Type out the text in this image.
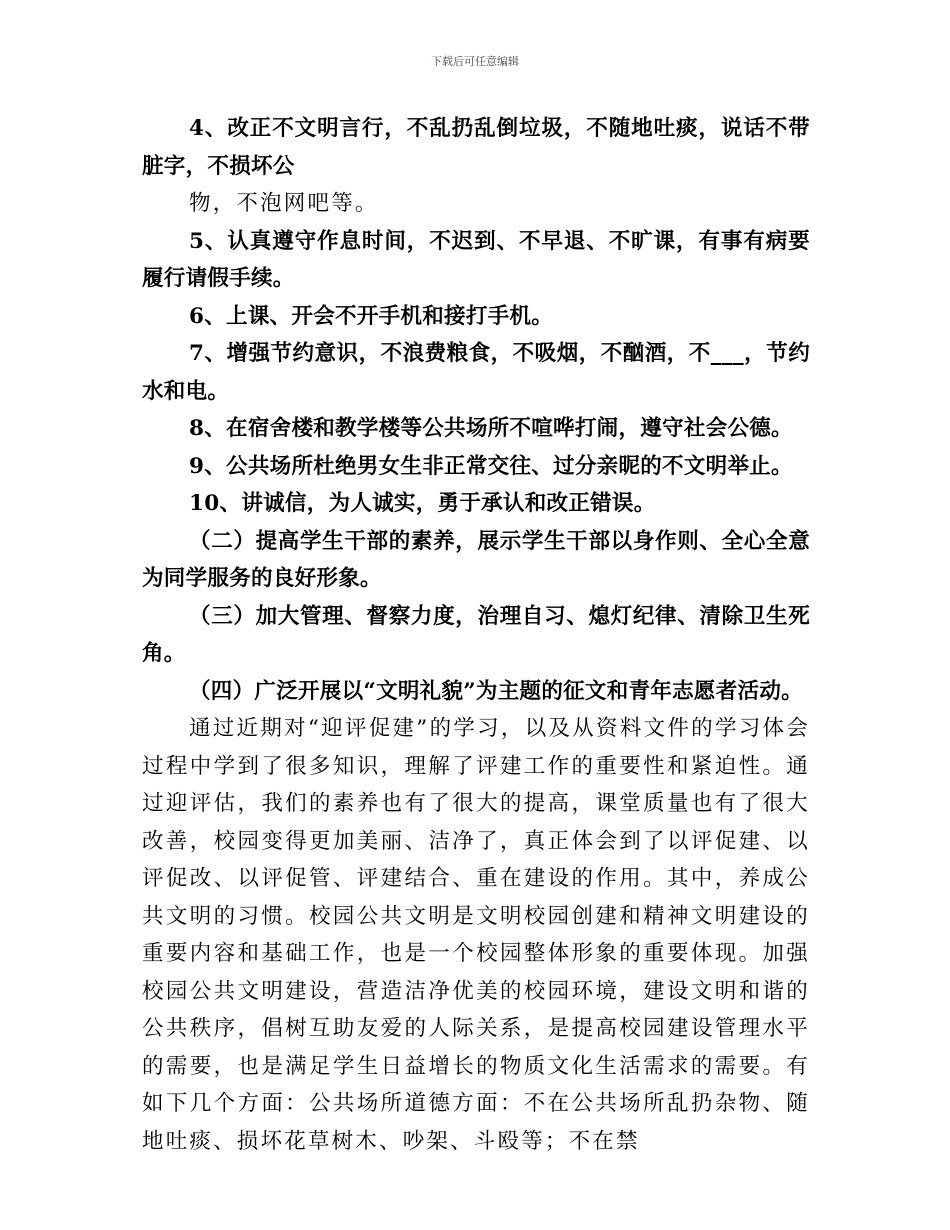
下载后可任意编辑

4、改正不文明言行，不乱扔乱倒垃圾，不随地吐痰，说话不带脏字，不损坏公

物，不泡网吧等。

5、认真遵守作息时间，不迟到、不早退、不旷课，有事有病要履行请假手续。

6、上课、开会不开手机和接打手机。

7、增强节约意识，不浪费粮食，不吸烟，不酗酒，不___，节约水和电。

8、在宿舍楼和教学楼等公共场所不喧哗打闹，遵守社会公德。

9、公共场所杜绝男女生非正常交往、过分亲昵的不文明举止。

10、讲诚信，为人诚实，勇于承认和改正错误。

（二）提高学生干部的素养，展示学生干部以身作则、全心全意为同学服务的良好形象。

（三）加大管理、督察力度，治理自习、熄灯纪律、清除卫生死角。

（四）广泛开展以“文明礼貌”为主题的征文和青年志愿者活动。

通过近期对“迎评促建”的学习，以及从资料文件的学习体会过程中学到了很多知识，理解了评建工作的重要性和紧迫性。通过迎评估，我们的素养也有了很大的提高，课堂质量也有了很大改善，校园变得更加美丽、洁净了，真正体会到了以评促建、以评促改、以评促管、评建结合、重在建设的作用。其中，养成公共文明的习惯。校园公共文明是文明校园创建和精神文明建设的重要内容和基础工作，也是一个校园整体形象的重要体现。加强校园公共文明建设，营造洁净优美的校园环境，建设文明和谐的公共秩序，倡树互助友爱的人际关系，是提高校园建设管理水平的需要，也是满足学生日益增长的物质文化生活需求的需要。有如下几个方面：公共场所道德方面：不在公共场所乱扔杂物、随地吐痰、损坏花草树木、吵架、斗殴等；不在禁
